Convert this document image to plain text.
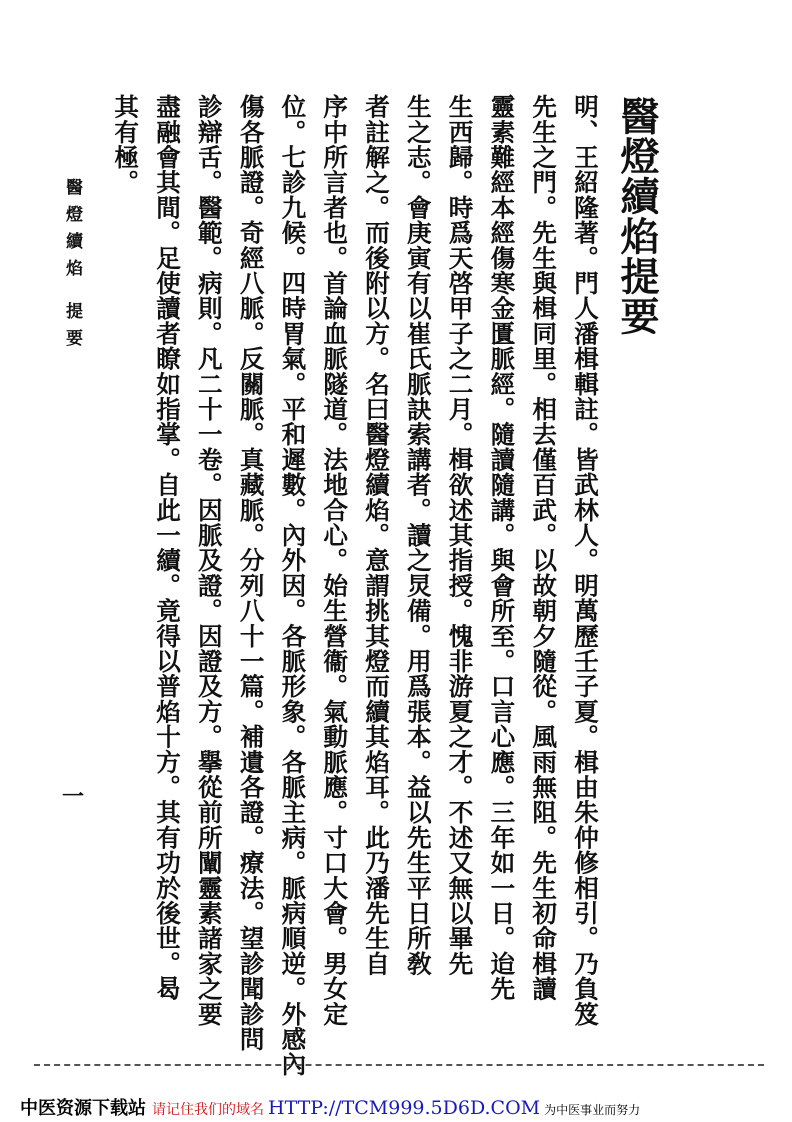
醫燈續焰提要

明、王紹隆著。門人潘楫輯註。皆武林人。明萬歷壬子夏。楫由朱仲修相引。乃負笈

先生之門。先生與楫同里。相去僅百武。以故朝夕隨從。風雨無阻。先生初命楫讀

靈素難經本經傷寒金匱脈經。隨讀隨講。與會所至。口言心應。三年如一日。迨先

生西歸。時爲天啓甲子之二月。楫欲述其指授。愧非游夏之才。不述又無以畢先

生之志。會庚寅有以崔氏脈訣索講者。讀之炅備。用爲張本。益以先生平日所敎

者註解之。而後附以方。名曰醫燈續焰。意謂挑其燈而續其焰耳。此乃潘先生自

序中所言者也。首論血脈隧道。法地合心。始生營衞。氣動脈應。寸口大會。男女定

位。七診九候。四時胃氣。平和遲數。內外因。各脈形象。各脈主病。脈病順逆。外感內

傷各脈證。奇經八脈。反關脈。真藏脈。分列八十一篇。補遺各證。療法。望診聞診問

診辯舌。醫範。病則。凡二十一卷。因脈及證。因證及方。擧從前所闡靈素諸家之要

盡融會其間。足使讀者瞭如指掌。自此一續。竟得以普焰十方。其有功於後世。曷

其有極。

醫燈續焰 提要
一
中医资源下载站 请记住我们的域名 HTTP://TCM999.5D6D.COM 为中医事业而努力
